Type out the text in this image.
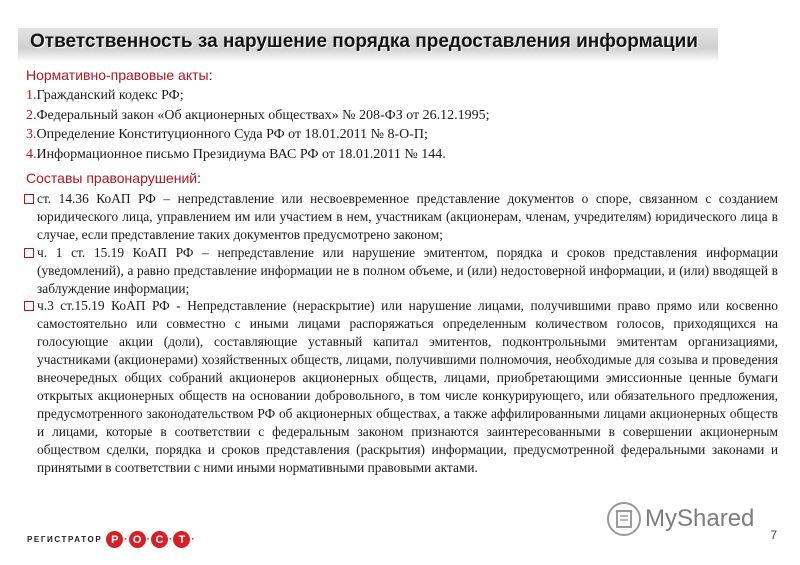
Ответственность за нарушение порядка предоставления информации
Нормативно-правовые акты:
1.Гражданский кодекс РФ;
2.Федеральный закон «Об акционерных обществах» № 208-ФЗ от 26.12.1995;
3.Определение Конституционного Суда РФ от 18.01.2011 № 8-О-П;
4.Информационное письмо Президиума ВАС РФ от 18.01.2011 № 144.
Составы правонарушений:
ст. 14.36 КоАП РФ – непредставление или несвоевременное представление документов о споре, связанном с созданием юридического лица, управлением им или участием в нем, участникам (акционерам, членам, учредителям) юридического лица в случае, если представление таких документов предусмотрено законом;
ч. 1 ст. 15.19 КоАП РФ – непредставление или нарушение эмитентом, порядка и сроков представления информации (уведомлений), а равно представление информации не в полном объеме, и (или) недостоверной информации, и (или) вводящей в заблуждение информации;
ч.3 ст.15.19 КоАП РФ - Непредставление (нераскрытие) или нарушение лицами, получившими право прямо или косвенно самостоятельно или совместно с иными лицами распоряжаться определенным количеством голосов, приходящихся на голосующие акции (доли), составляющие уставный капитал эмитентов, подконтрольными эмитентам организациями, участниками (акционерами) хозяйственных обществ, лицами, получившими полномочия, необходимые для созыва и проведения внеочередных общих собраний акционеров акционерных обществ, лицами, приобретающими эмиссионные ценные бумаги открытых акционерных обществ на основании добровольного, в том числе конкурирующего, или обязательного предложения, предусмотренного законодательством РФ об акционерных обществах, а также аффилированными лицами акционерных обществ и лицами, которые в соответствии с федеральным законом признаются заинтересованными в совершении акционерным обществом сделки, порядка и сроков представления (раскрытия) информации, предусмотренной федеральными законами и принятыми в соответствии с ними иными нормативными правовыми актами.
РЕГИСТРАТОР Р · О · С · Т ·
MyShared
7
